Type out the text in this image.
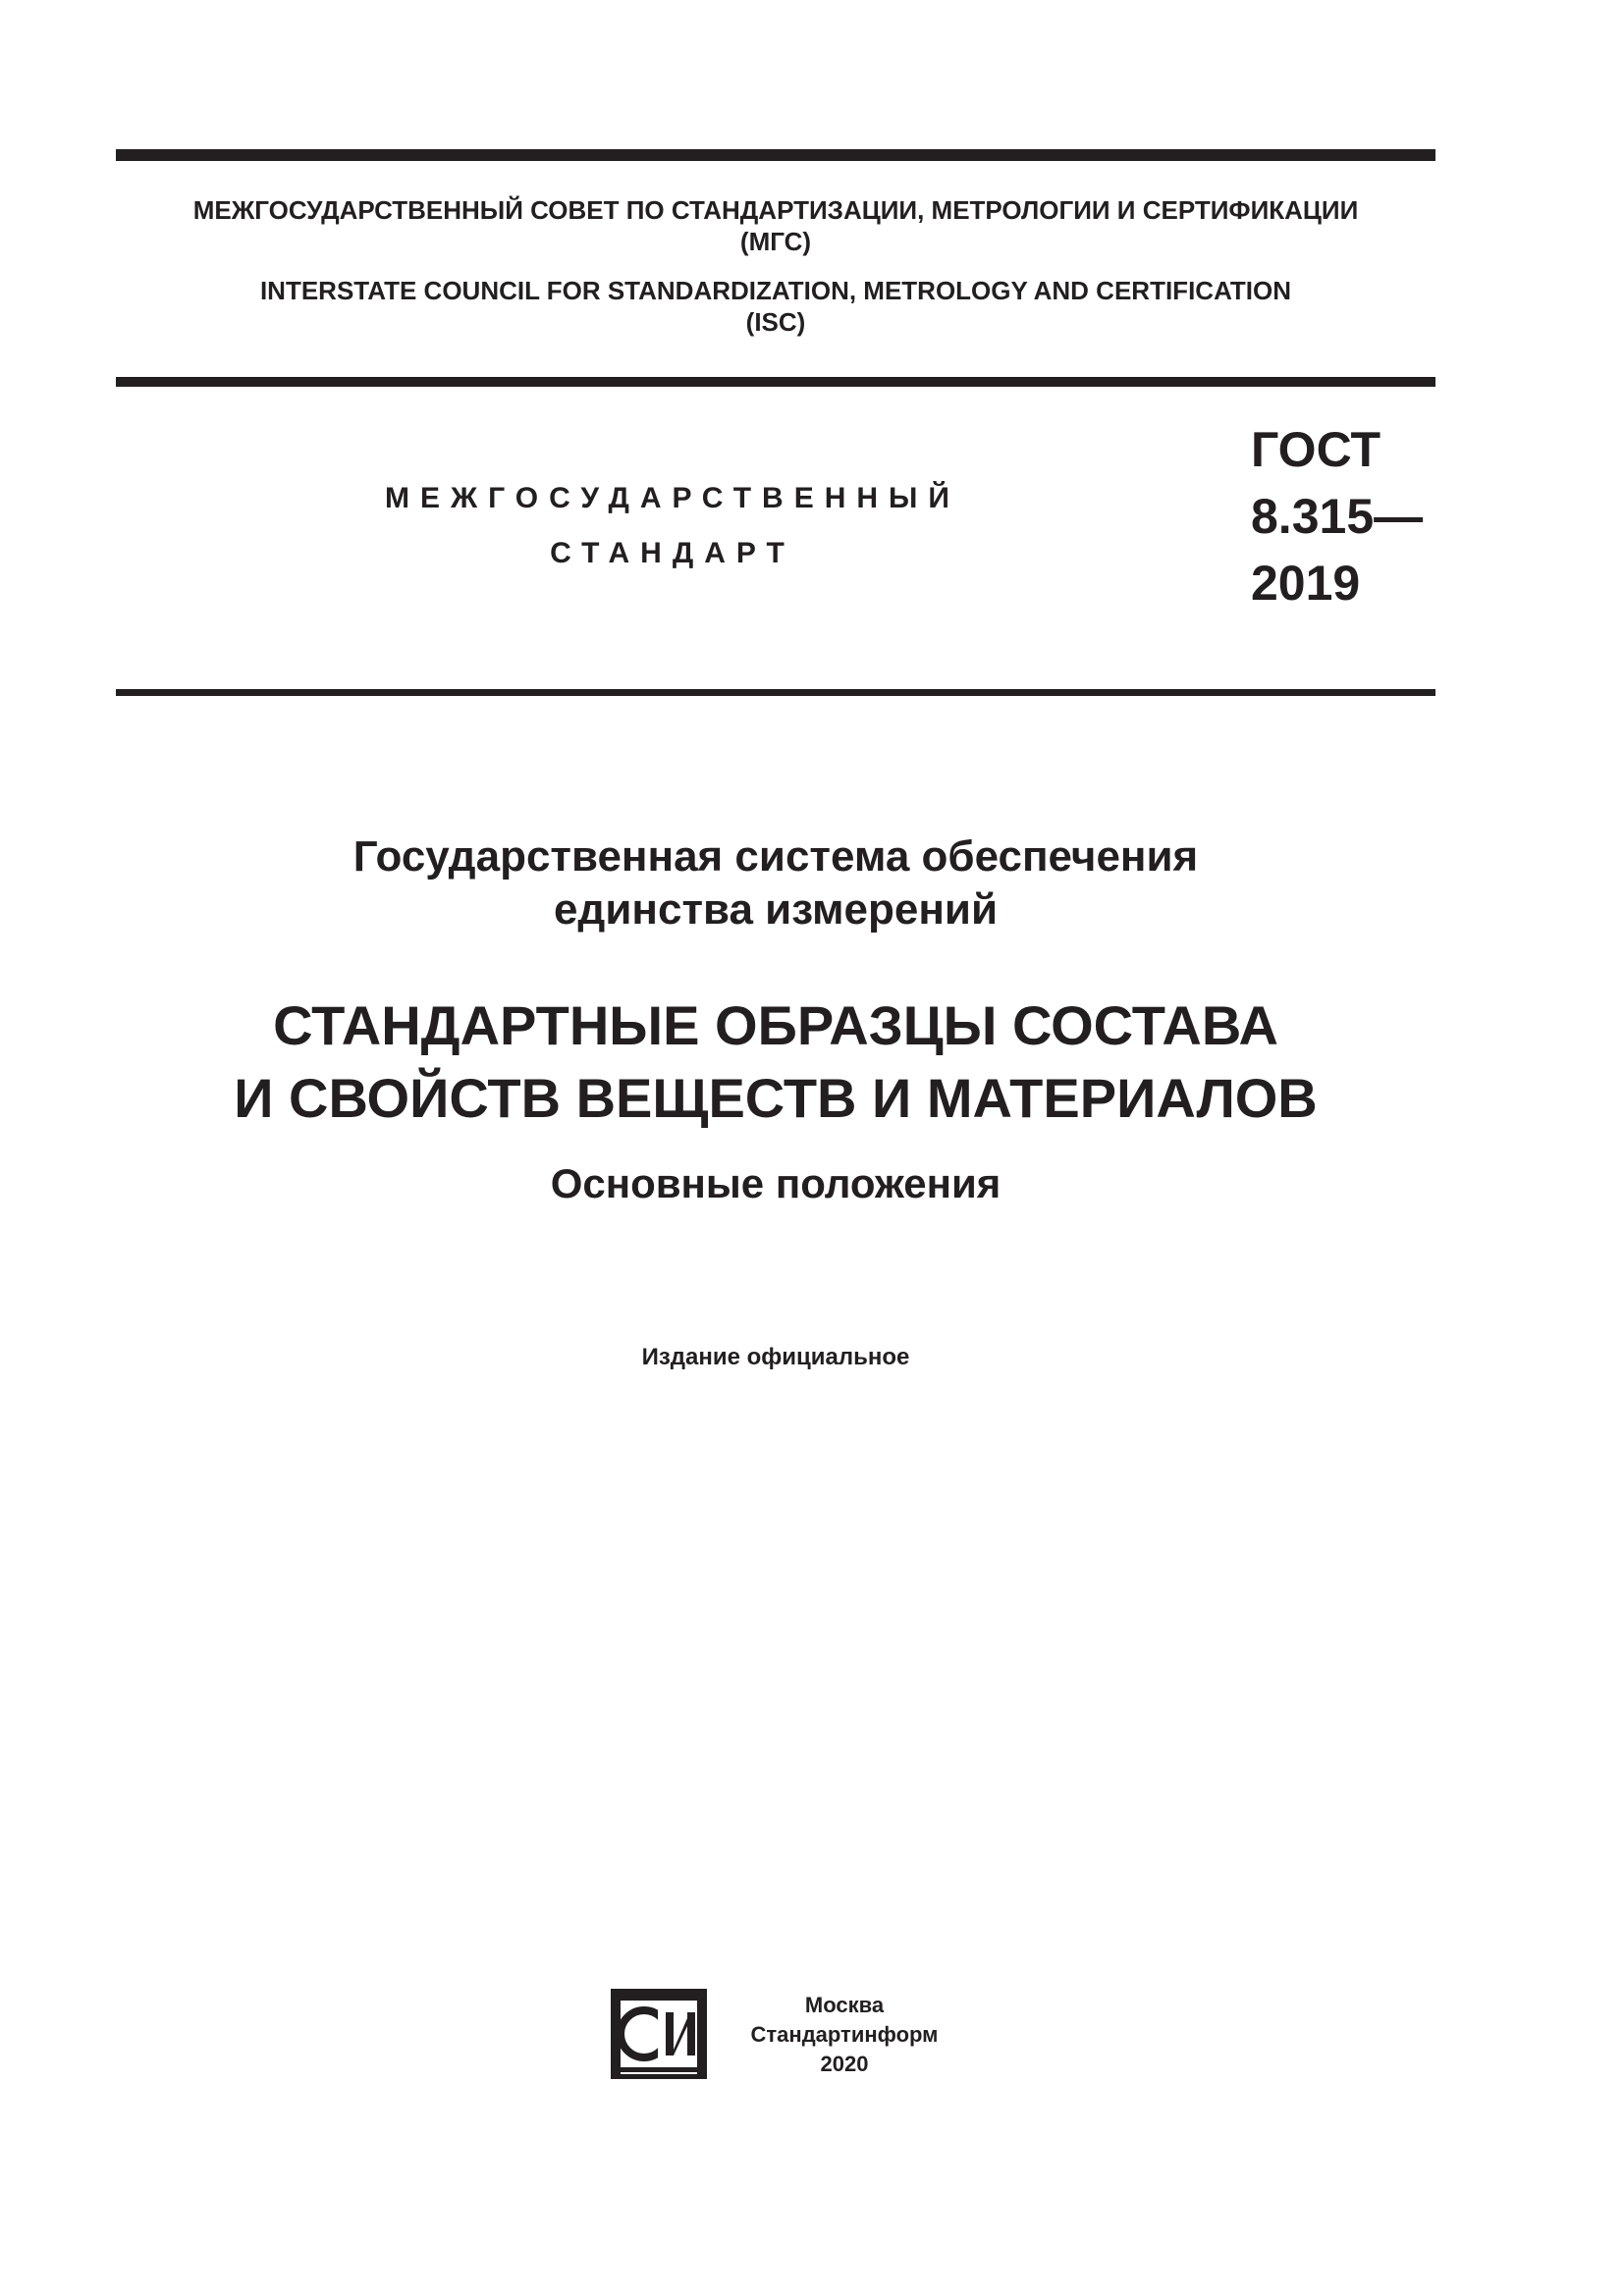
МЕЖГОСУДАРСТВЕННЫЙ СОВЕТ ПО СТАНДАРТИЗАЦИИ, МЕТРОЛОГИИ И СЕРТИФИКАЦИИ
(МГС)
INTERSTATE COUNCIL FOR STANDARDIZATION, METROLOGY AND CERTIFICATION
(ISC)
МЕЖГОСУДАРСТВЕННЫЙ
СТАНДАРТ
ГОСТ
8.315—
2019
Государственная система обеспечения
единства измерений
СТАНДАРТНЫЕ ОБРАЗЦЫ СОСТАВА
И СВОЙСТВ ВЕЩЕСТВ И МАТЕРИАЛОВ
Основные положения
Издание официальное
Москва
Стандартинформ
2020
